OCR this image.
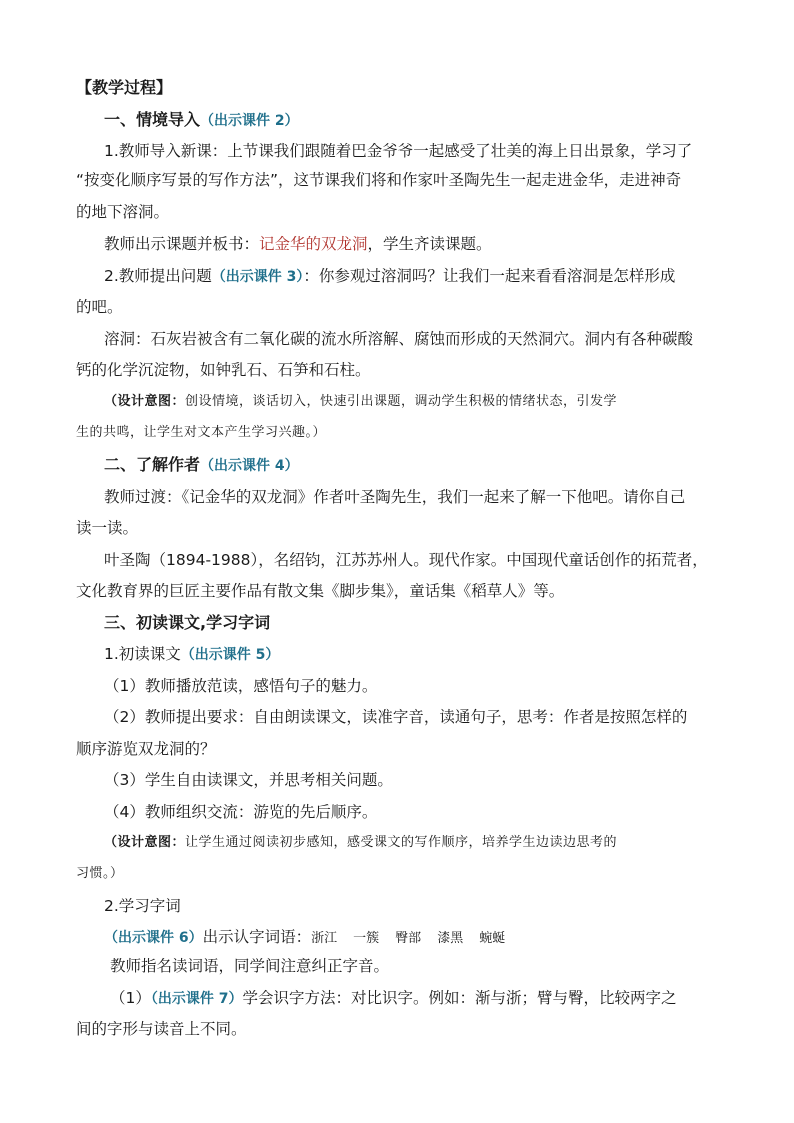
【教学过程】
一、情境导入（出示课件 2）
1.教师导入新课：上节课我们跟随着巴金爷爷一起感受了壮美的海上日出景象，学习了
“按变化顺序写景的写作方法”，这节课我们将和作家叶圣陶先生一起走进金华，走进神奇
的地下溶洞。
教师出示课题并板书：记金华的双龙洞，学生齐读课题。
2.教师提出问题（出示课件 3）：你参观过溶洞吗？让我们一起来看看溶洞是怎样形成
的吧。
溶洞：石灰岩被含有二氧化碳的流水所溶解、腐蚀而形成的天然洞穴。洞内有各种碳酸
钙的化学沉淀物，如钟乳石、石笋和石柱。
（设计意图：创设情境，谈话切入，快速引出课题，调动学生积极的情绪状态，引发学
生的共鸣，让学生对文本产生学习兴趣。）
二、了解作者（出示课件 4）
教师过渡：《记金华的双龙洞》作者叶圣陶先生，我们一起来了解一下他吧。请你自己
读一读。
叶圣陶（1894-1988），名绍钧，江苏苏州人。现代作家。中国现代童话创作的拓荒者，
文化教育界的巨匠主要作品有散文集《脚步集》，童话集《稻草人》等。
三、初读课文,学习字词
1.初读课文（出示课件 5）
（1）教师播放范读，感悟句子的魅力。
（2）教师提出要求：自由朗读课文，读准字音，读通句子，思考：作者是按照怎样的
顺序游览双龙洞的？
（3）学生自由读课文，并思考相关问题。
（4）教师组织交流：游览的先后顺序。
（设计意图：让学生通过阅读初步感知，感受课文的写作顺序，培养学生边读边思考的
习惯。）
2.学习字词
（出示课件 6）出示认字词语：浙江 一簇 臀部 漆黑 蜿蜒
教师指名读词语，同学间注意纠正字音。
（1）（出示课件 7）学会识字方法：对比识字。例如：渐与浙；臂与臀，比较两字之
间的字形与读音上不同。
